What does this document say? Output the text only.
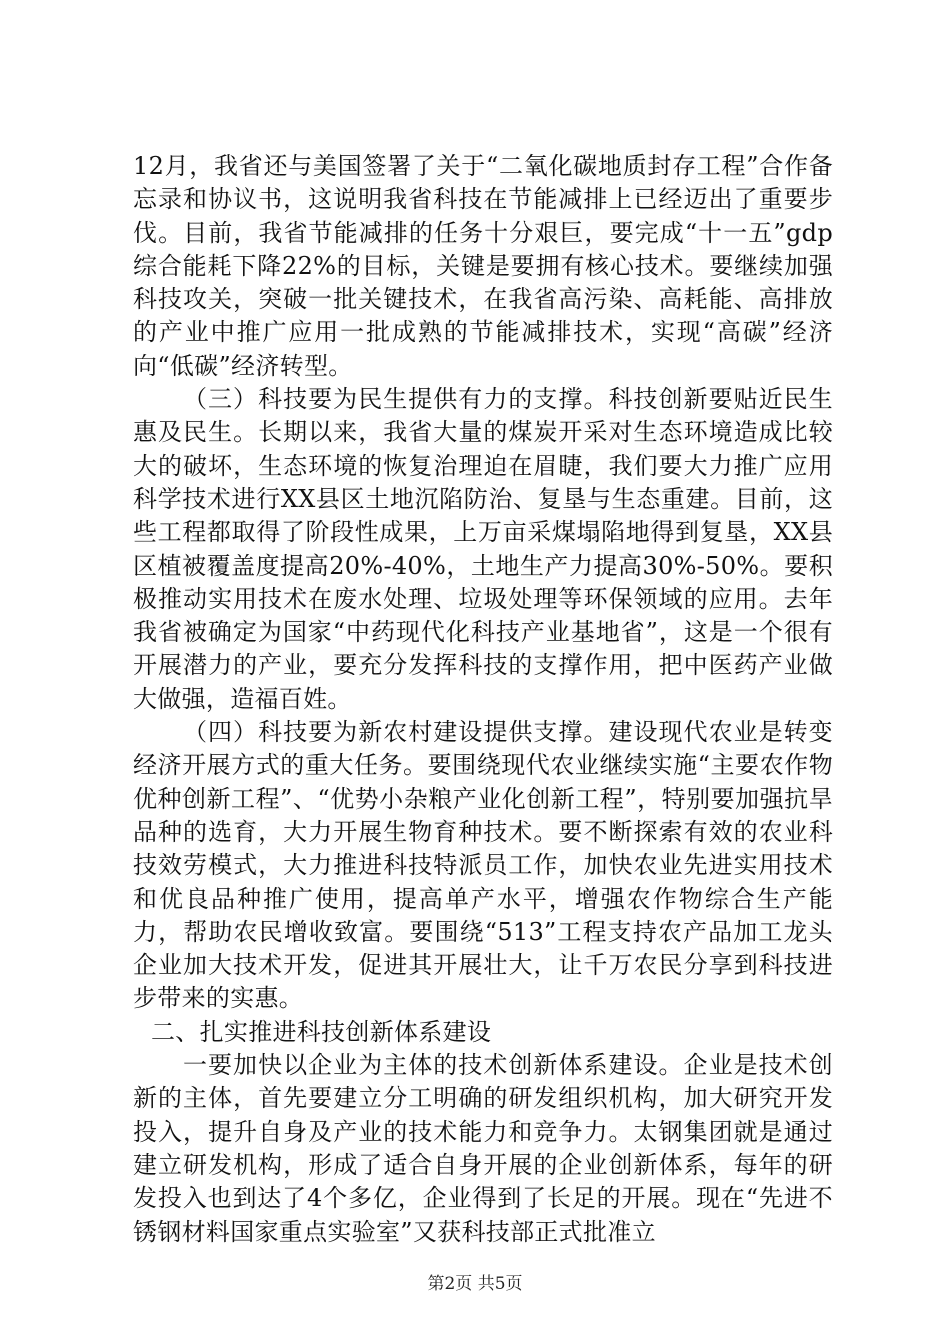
12月，我省还与美国签署了关于“二氧化碳地质封存工程”合作备忘录和协议书，这说明我省科技在节能减排上已经迈出了重要步伐。目前，我省节能减排的任务十分艰巨，要完成“十一五”gdp综合能耗下降22%的目标，关键是要拥有核心技术。要继续加强科技攻关，突破一批关键技术，在我省高污染、高耗能、高排放的产业中推广应用一批成熟的节能减排技术，实现“高碳”经济向“低碳”经济转型。

（三）科技要为民生提供有力的支撑。科技创新要贴近民生惠及民生。长期以来，我省大量的煤炭开采对生态环境造成比较大的破坏，生态环境的恢复治理迫在眉睫，我们要大力推广应用科学技术进行XX县区土地沉陷防治、复垦与生态重建。目前，这些工程都取得了阶段性成果，上万亩采煤塌陷地得到复垦，XX县区植被覆盖度提高20%-40%，土地生产力提高30%-50%。要积极推动实用技术在废水处理、垃圾处理等环保领域的应用。去年我省被确定为国家“中药现代化科技产业基地省”，这是一个很有开展潜力的产业，要充分发挥科技的支撑作用，把中医药产业做大做强，造福百姓。

（四）科技要为新农村建设提供支撑。建设现代农业是转变经济开展方式的重大任务。要围绕现代农业继续实施“主要农作物优种创新工程”、“优势小杂粮产业化创新工程”，特别要加强抗旱品种的选育，大力开展生物育种技术。要不断探索有效的农业科技效劳模式，大力推进科技特派员工作，加快农业先进实用技术和优良品种推广使用，提高单产水平，增强农作物综合生产能力，帮助农民增收致富。要围绕“513”工程支持农产品加工龙头企业加大技术开发，促进其开展壮大，让千万农民分享到科技进步带来的实惠。

二、扎实推进科技创新体系建设

一要加快以企业为主体的技术创新体系建设。企业是技术创新的主体，首先要建立分工明确的研发组织机构，加大研究开发投入，提升自身及产业的技术能力和竞争力。太钢集团就是通过建立研发机构，形成了适合自身开展的企业创新体系，每年的研发投入也到达了4个多亿，企业得到了长足的开展。现在“先进不锈钢材料国家重点实验室”又获科技部正式批准立

第2页 共5页
